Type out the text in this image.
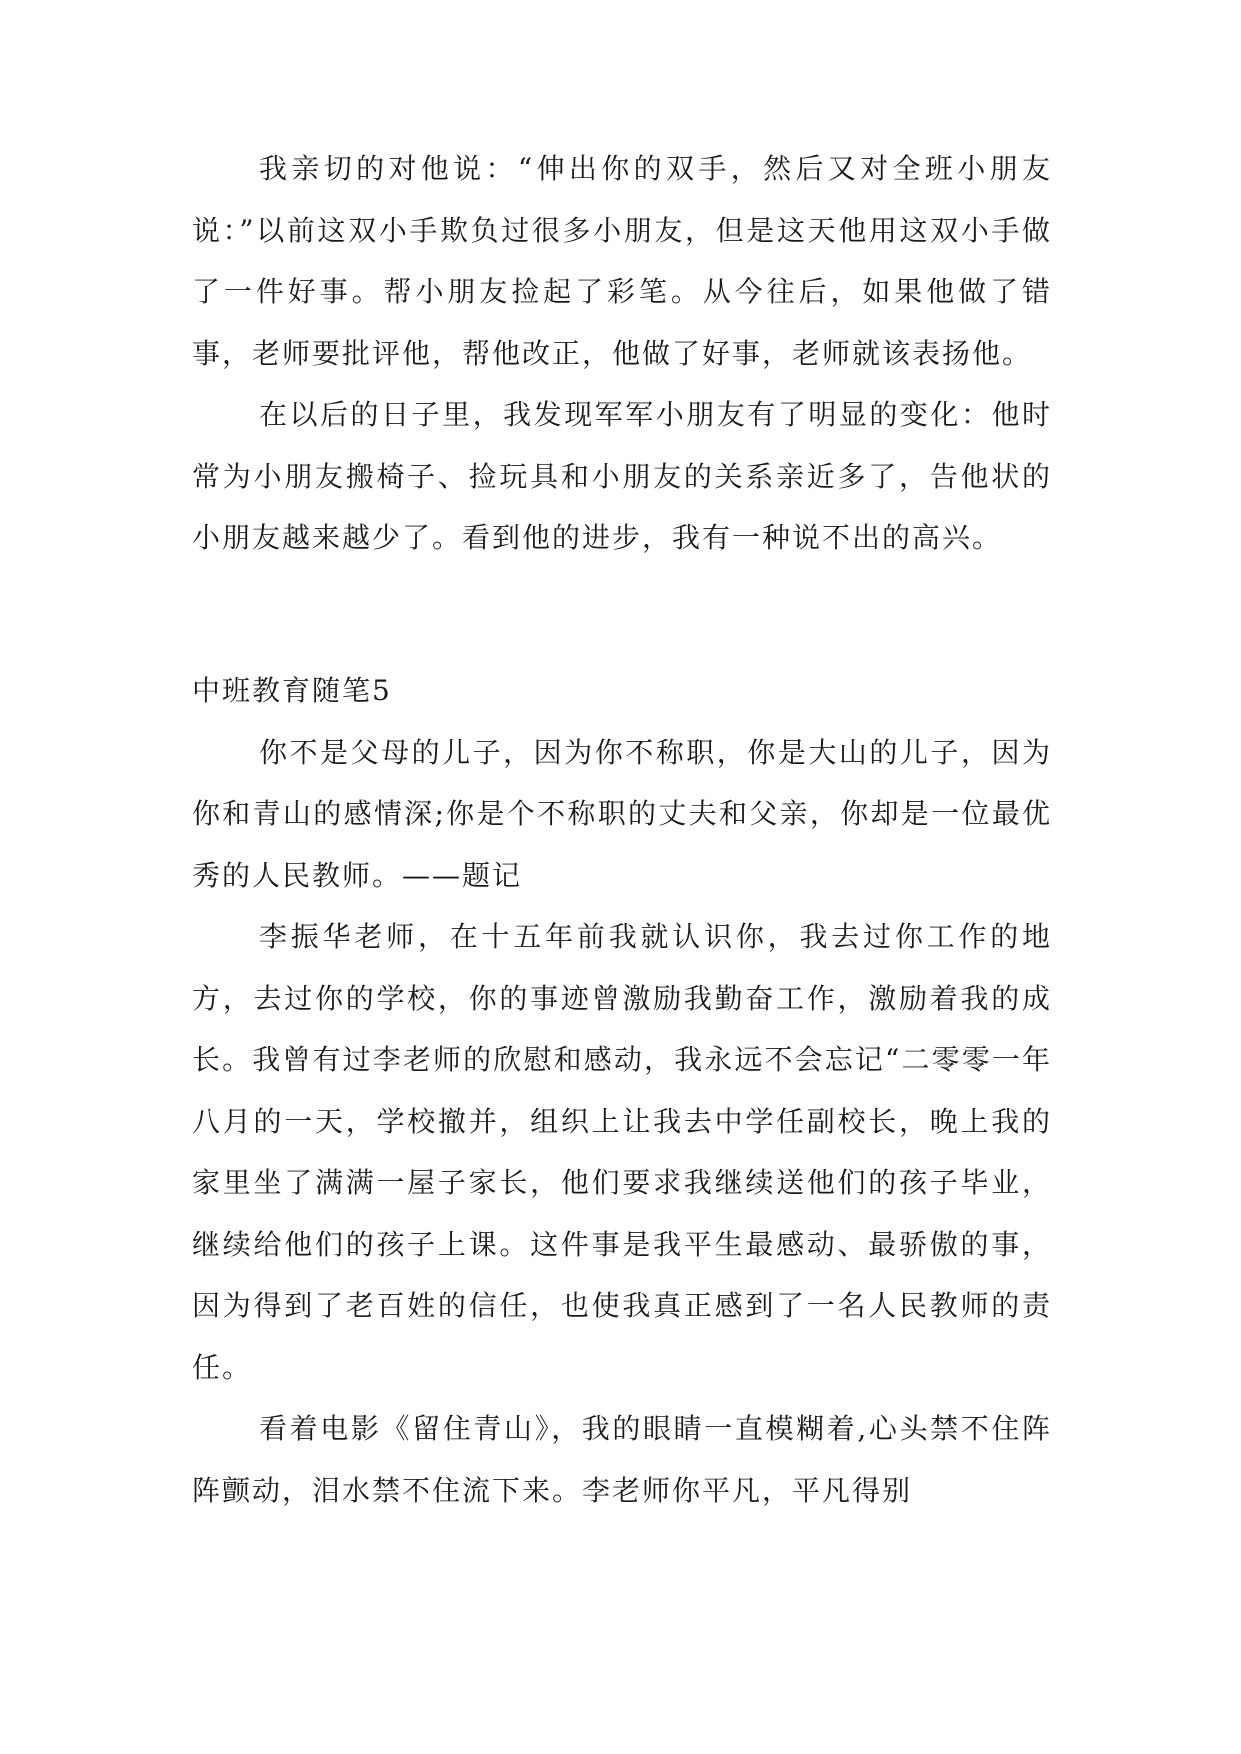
我亲切的对他说：“伸出你的双手，然后又对全班小朋友说：”以前这双小手欺负过很多小朋友，但是这天他用这双小手做了一件好事。帮小朋友捡起了彩笔。从今往后，如果他做了错事，老师要批评他，帮他改正，他做了好事，老师就该表扬他。

在以后的日子里，我发现军军小朋友有了明显的变化：他时常为小朋友搬椅子、捡玩具和小朋友的关系亲近多了，告他状的小朋友越来越少了。看到他的进步，我有一种说不出的高兴。

中班教育随笔5

你不是父母的儿子，因为你不称职，你是大山的儿子，因为你和青山的感情深;你是个不称职的丈夫和父亲，你却是一位最优秀的人民教师。——题记

李振华老师，在十五年前我就认识你，我去过你工作的地方，去过你的学校，你的事迹曾激励我勤奋工作，激励着我的成长。我曾有过李老师的欣慰和感动，我永远不会忘记“二零零一年八月的一天，学校撤并，组织上让我去中学任副校长，晚上我的家里坐了满满一屋子家长，他们要求我继续送他们的孩子毕业，继续给他们的孩子上课。这件事是我平生最感动、最骄傲的事，因为得到了老百姓的信任，也使我真正感到了一名人民教师的责任。

看着电影《留住青山》，我的眼睛一直模糊着,心头禁不住阵阵颤动，泪水禁不住流下来。李老师你平凡，平凡得别
